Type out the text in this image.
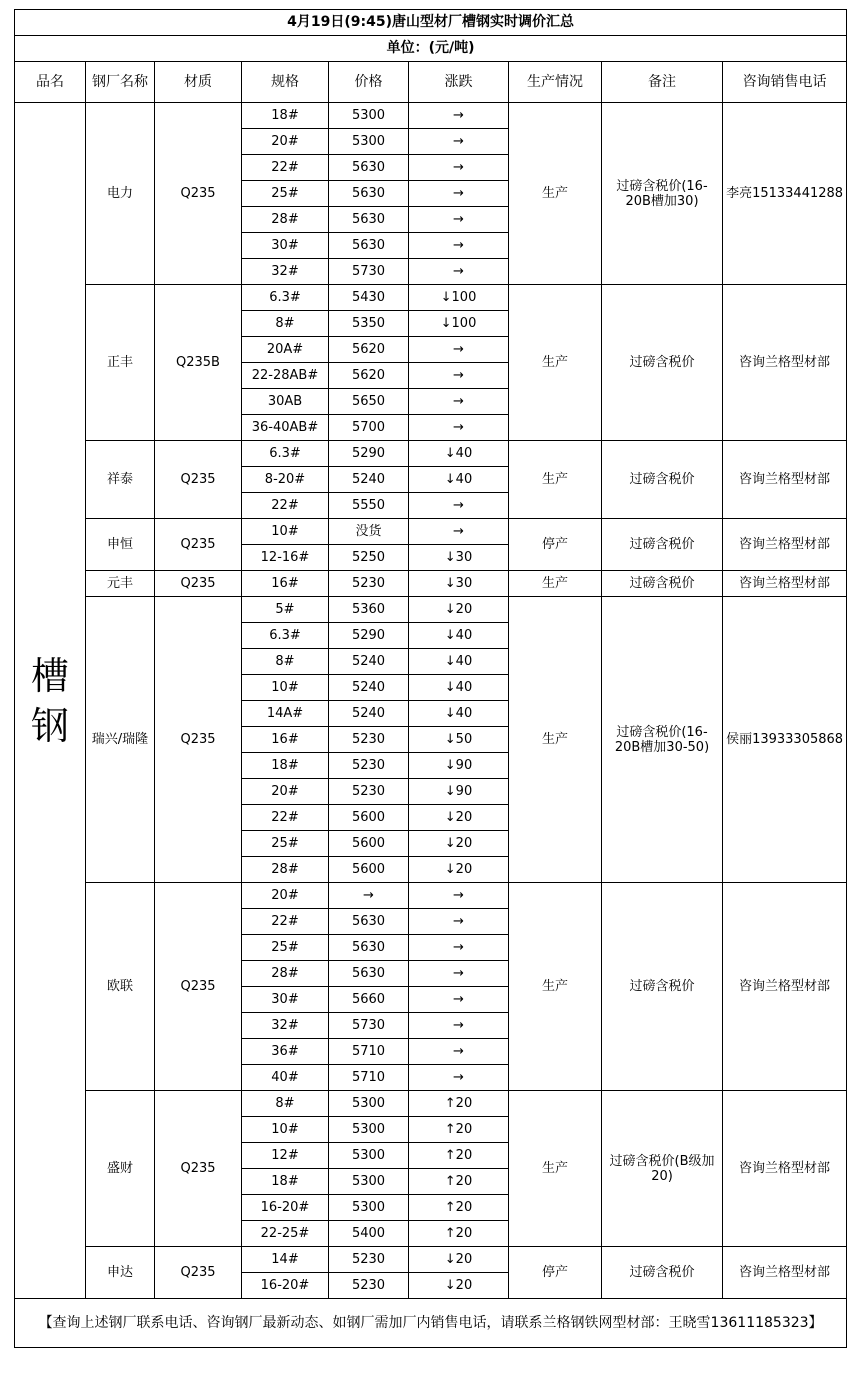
4月19日(9:45)唐山型材厂槽钢实时调价汇总								
单位：(元/吨)								
品名	钢厂名称	材质	规格	价格	涨跌	生产情况	备注	咨询销售电话
槽钢	电力	Q235	18#	5300	→	生产	过磅含税价(16-20B槽加30)	李亮15133441288
			20#	5300	→			
			22#	5630	→			
			25#	5630	→			
			28#	5630	→			
			30#	5630	→			
			32#	5730	→			
	正丰	Q235B	6.3#	5430	↓100	生产	过磅含税价	咨询兰格型材部
			8#	5350	↓100			
			20A#	5620	→			
			22-28AB#	5620	→			
			30AB	5650	→			
			36-40AB#	5700	→			
	祥泰	Q235	6.3#	5290	↓40	生产	过磅含税价	咨询兰格型材部
			8-20#	5240	↓40			
			22#	5550	→			
	申恒	Q235	10#	没货	→	停产	过磅含税价	咨询兰格型材部
			12-16#	5250	↓30			
	元丰	Q235	16#	5230	↓30	生产	过磅含税价	咨询兰格型材部
	瑞兴/瑞隆	Q235	5#	5360	↓20	生产	过磅含税价(16-20B槽加30-50)	侯丽13933305868
			6.3#	5290	↓40			
			8#	5240	↓40			
			10#	5240	↓40			
			14A#	5240	↓40			
			16#	5230	↓50			
			18#	5230	↓90			
			20#	5230	↓90			
			22#	5600	↓20			
			25#	5600	↓20			
			28#	5600	↓20			
	欧联	Q235	20#	→	→	生产	过磅含税价	咨询兰格型材部
			22#	5630	→			
			25#	5630	→			
			28#	5630	→			
			30#	5660	→			
			32#	5730	→			
			36#	5710	→			
			40#	5710	→			
	盛财	Q235	8#	5300	↑20	生产	过磅含税价(B级加20)	咨询兰格型材部
			10#	5300	↑20			
			12#	5300	↑20			
			18#	5300	↑20			
			16-20#	5300	↑20			
			22-25#	5400	↑20			
	申达	Q235	14#	5230	↓20	停产	过磅含税价	咨询兰格型材部
			16-20#	5230	↓20			
【查询上述钢厂联系电话、咨询钢厂最新动态、如钢厂需加厂内销售电话，请联系兰格钢铁网型材部：王晓雪13611185323】								
